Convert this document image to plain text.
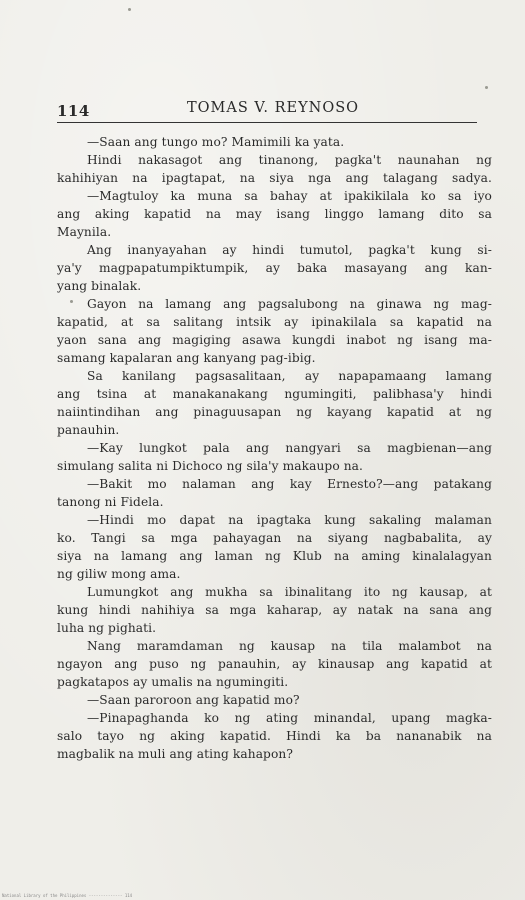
114	TOMAS V. REYNOSO
—Saan ang tungo mo? Mamimili ka yata.
Hindi nakasagot ang tinanong, pagka't naunahan ng
kahihiyan na ipagtapat, na siya nga ang talagang sadya.
—Magtuloy ka muna sa bahay at ipakikilala ko sa iyo
ang aking kapatid na may isang linggo lamang dito sa
Maynila.
Ang inanyayahan ay hindi tumutol, pagka't kung si-
ya'y magpapatumpiktumpik, ay baka masayang ang kan-
yang binalak.
Gayon na lamang ang pagsalubong na ginawa ng mag-
kapatid, at sa salitang intsik ay ipinakilala sa kapatid na
yaon sana ang magiging asawa kungdi inabot ng isang ma-
samang kapalaran ang kanyang pag-ibig.
Sa kanilang pagsasalitaan, ay napapamaang lamang
ang tsina at manakanakang ngumingiti, palibhasa'y hindi
naiintindihan ang pinaguusapan ng kayang kapatid at ng
panauhin.
—Kay lungkot pala ang nangyari sa magbienan—ang
simulang salita ni Dichoco ng sila'y makaupo na.
—Bakit mo nalaman ang kay Ernesto?—ang patakang
tanong ni Fidela.
—Hindi mo dapat na ipagtaka kung sakaling malaman
ko. Tangi sa mga pahayagan na siyang nagbabalita, ay
siya na lamang ang laman ng Klub na aming kinalalagyan
ng giliw mong ama.
Lumungkot ang mukha sa ibinalitang ito ng kausap, at
kung hindi nahihiya sa mga kaharap, ay natak na sana ang
luha ng pighati.
Nang maramdaman ng kausap na tila malambot na
ngayon ang puso ng panauhin, ay kinausap ang kapatid at
pagkatapos ay umalis na ngumingiti.
—Saan paroroon ang kapatid mo?
—Pinapaghanda ko ng ating minandal, upang magka-
salo tayo ng aking kapatid. Hindi ka ba nananabik na
magbalik na muli ang ating kahapon?
National Library of the Philippines -------------- 114
